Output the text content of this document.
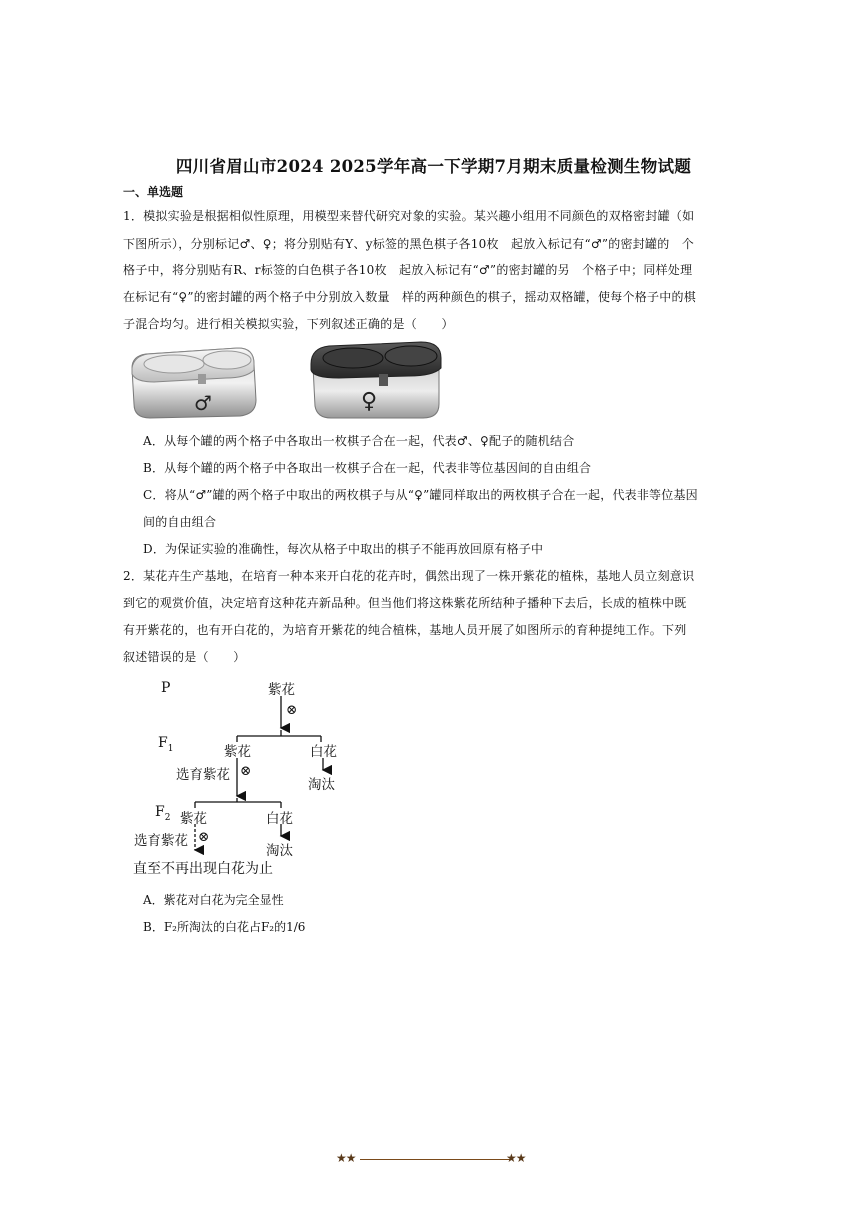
四川省眉山市2024 2025学年高一下学期7月期末质量检测生物试题
一、单选题
1．模拟实验是根据相似性原理，用模型来替代研究对象的实验。某兴趣小组用不同颜色的双格密封罐（如
下图所示），分别标记♂、♀；将分别贴有Y、y标签的黑色棋子各10枚　起放入标记有“♂”的密封罐的　个
格子中，将分别贴有R、r标签的白色棋子各10枚　起放入标记有“♂”的密封罐的另　个格子中；同样处理
在标记有“♀”的密封罐的两个格子中分别放入数量　样的两种颜色的棋子，摇动双格罐，使每个格子中的棋
子混合均匀。进行相关模拟实验，下列叙述正确的是（　　）
♂	♀
A．从每个罐的两个格子中各取出一枚棋子合在一起，代表♂、♀配子的随机结合
B．从每个罐的两个格子中各取出一枚棋子合在一起，代表非等位基因间的自由组合
C．将从“♂”罐的两个格子中取出的两枚棋子与从“♀”罐同样取出的两枚棋子合在一起，代表非等位基因
间的自由组合
D．为保证实验的准确性，每次从格子中取出的棋子不能再放回原有格子中
2．某花卉生产基地，在培育一种本来开白花的花卉时，偶然出现了一株开紫花的植株，基地人员立刻意识
到它的观赏价值，决定培育这种花卉新品种。但当他们将这株紫花所结种子播种下去后，长成的植株中既
有开紫花的，也有开白花的，为培育开紫花的纯合植株，基地人员开展了如图所示的育种提纯工作。下列
叙述错误的是（　　）
P	紫花
⊗
$F_1$	紫花	白花
选育紫花 ⊗
淘汰
$F_2$ 紫花	白花
选育紫花 ⊗
淘汰
直至不再出现白花为止
A．紫花对白花为完全显性
B．F₂所淘汰的白花占F₂的1/6
★★	★★
